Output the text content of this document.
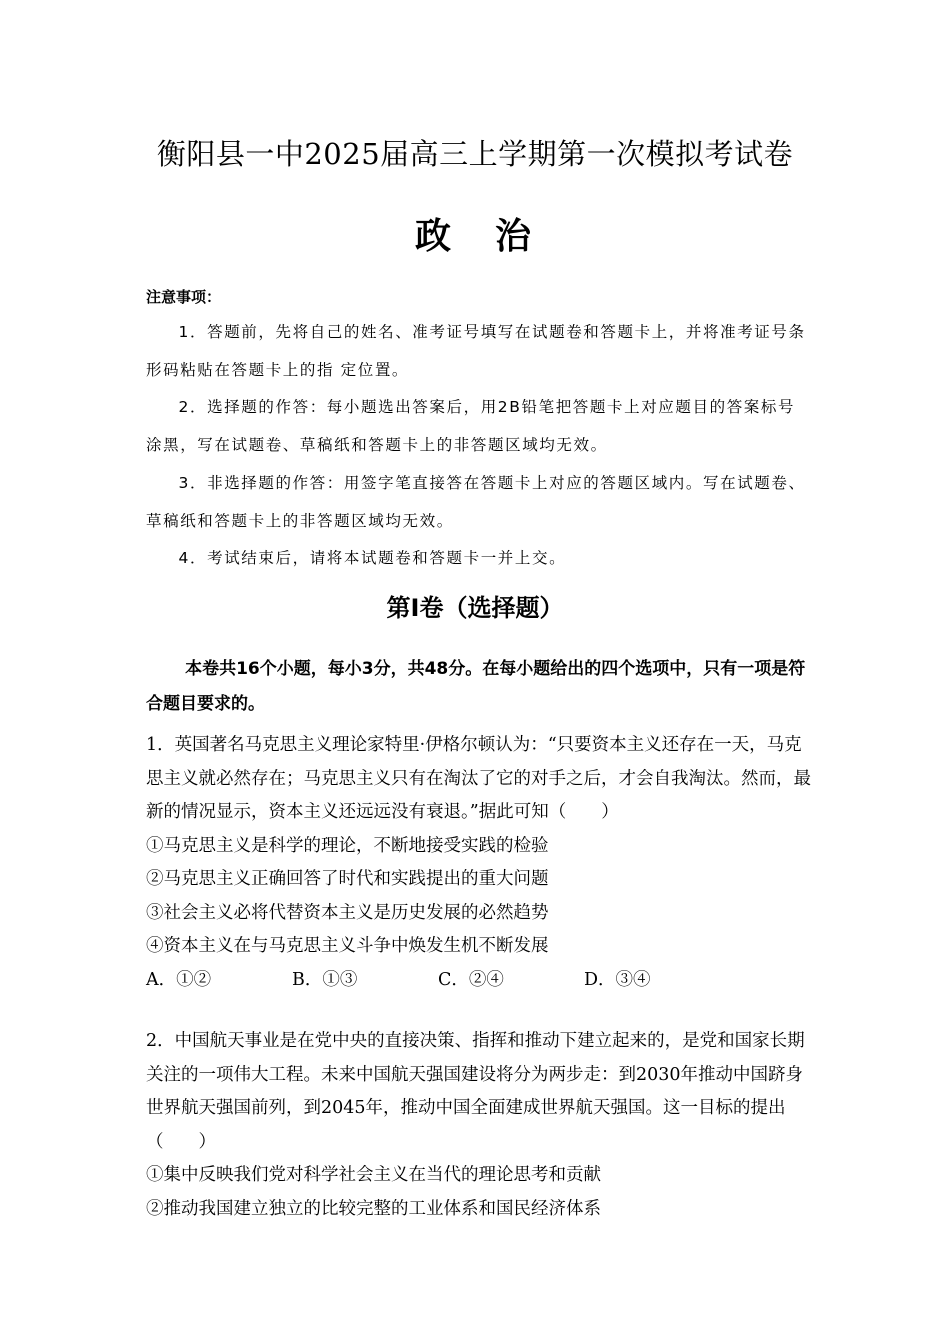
衡阳县一中2025届高三上学期第一次模拟考试卷
政　治
注意事项：

1．答题前，先将自己的姓名、准考证号填写在试题卷和答题卡上，并将准考证号条形码粘贴在答题卡上的指 定位置。

2．选择题的作答：每小题选出答案后，用2B铅笔把答题卡上对应题目的答案标号涂黑，写在试题卷、草稿纸和答题卡上的非答题区域均无效。

3．非选择题的作答：用签字笔直接答在答题卡上对应的答题区域内。写在试题卷、草稿纸和答题卡上的非答题区域均无效。

4．考试结束后，请将本试题卷和答题卡一并上交。

第Ⅰ卷（选择题）

本卷共16个小题，每小3分，共48分。在每小题给出的四个选项中，只有一项是符合题目要求的。

1．英国著名马克思主义理论家特里·伊格尔顿认为：“只要资本主义还存在一天，马克思主义就必然存在；马克思主义只有在淘汰了它的对手之后，才会自我淘汰。然而，最新的情况显示，资本主义还远远没有衰退。”据此可知（　　）

①马克思主义是科学的理论，不断地接受实践的检验

②马克思主义正确回答了时代和实践提出的重大问题

③社会主义必将代替资本主义是历史发展的必然趋势

④资本主义在与马克思主义斗争中焕发生机不断发展

A．①②	B．①③	C．②④	D．③④

2．中国航天事业是在党中央的直接决策、指挥和推动下建立起来的，是党和国家长期关注的一项伟大工程。未来中国航天强国建设将分为两步走：到2030年推动中国跻身世界航天强国前列，到2045年，推动中国全面建成世界航天强国。这一目标的提出（　　）

①集中反映我们党对科学社会主义在当代的理论思考和贡献

②推动我国建立独立的比较完整的工业体系和国民经济体系
